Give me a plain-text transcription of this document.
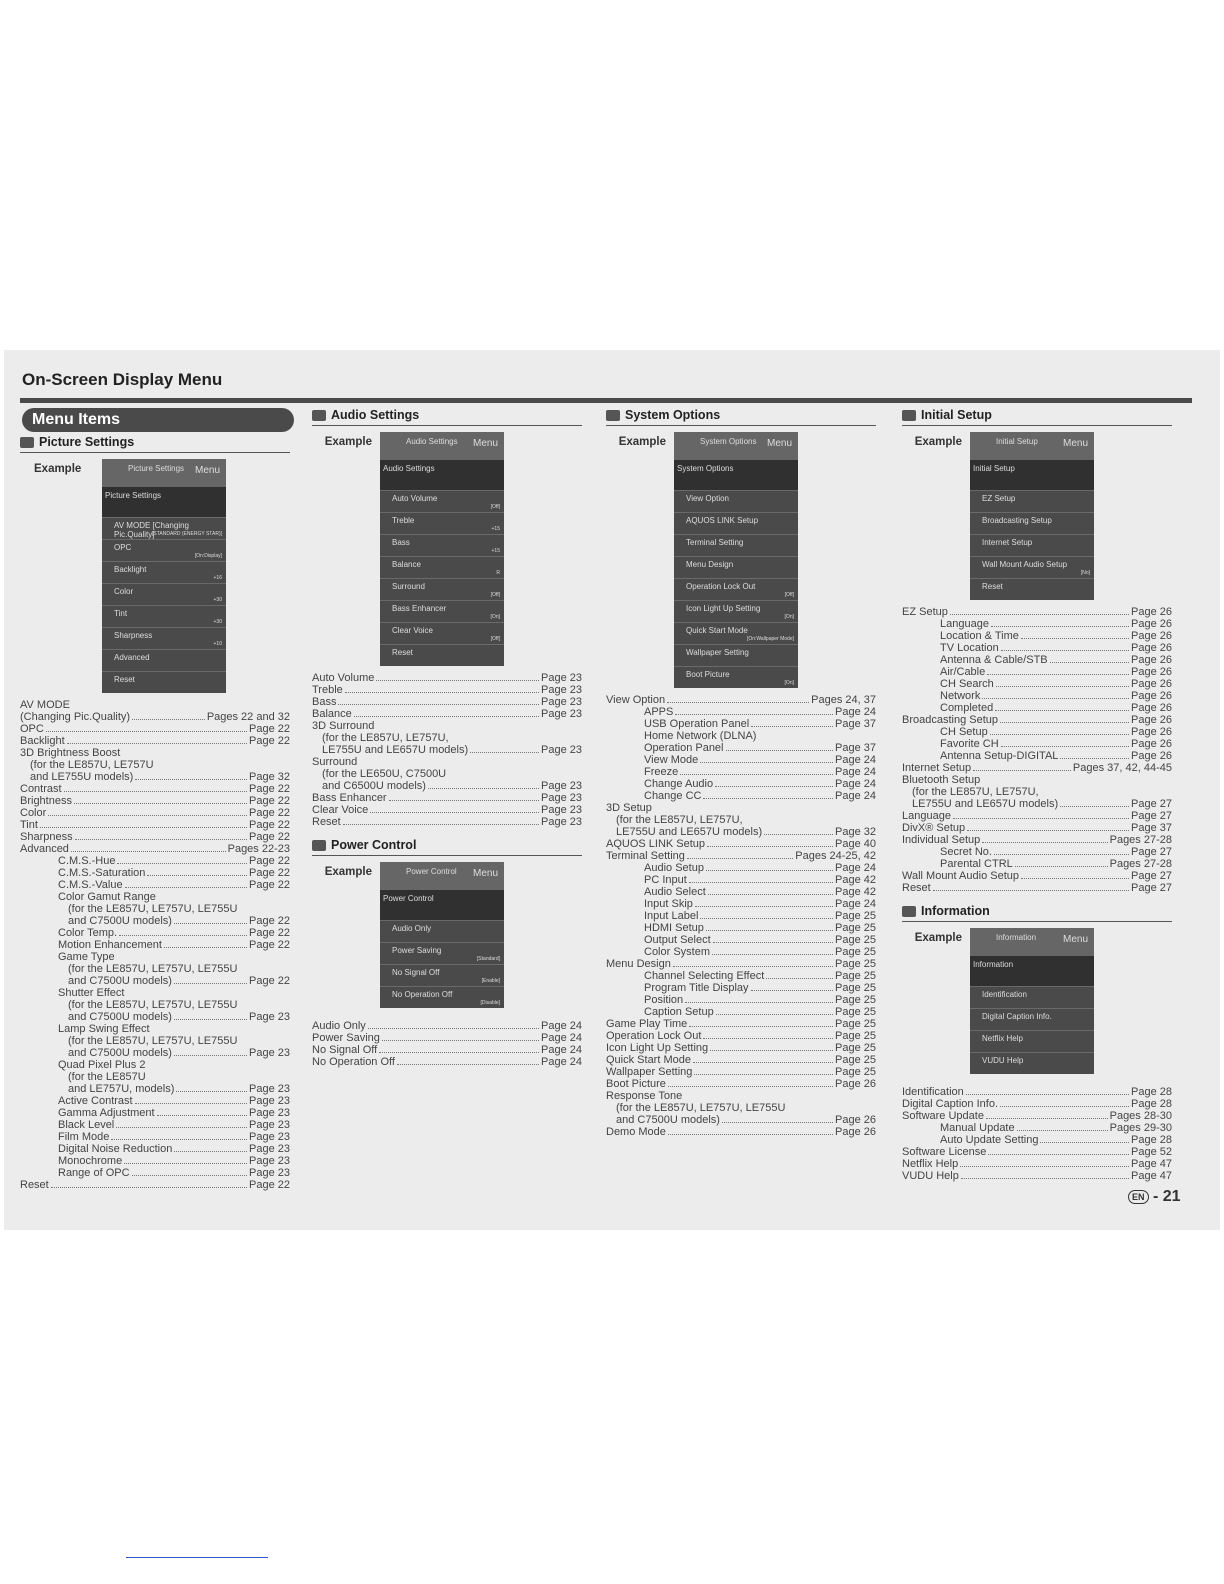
On-Screen Display Menu
Menu Items
Picture Settings
Example	Picture Settings Menu
Picture Settings
AV MODE [Changing Pic.Quality]
[STANDARD (ENERGY STAR)]
OPC
[On:Display]
Backlight
+16
Color
+30
Tint
+30
Sharpness
+10
Advanced
Reset
AV MODE
(Changing Pic.Quality)	Pages 22 and 32
OPC	Page 22
Backlight	Page 22
3D Brightness Boost
(for the LE857U, LE757U
and LE755U models)	Page 32
Contrast	Page 22
Brightness	Page 22
Color	Page 22
Tint	Page 22
Sharpness	Page 22
Advanced	Pages 22-23
C.M.S.-Hue	Page 22
C.M.S.-Saturation	Page 22
C.M.S.-Value	Page 22
Color Gamut Range
(for the LE857U, LE757U, LE755U
and C7500U models)	Page 22
Color Temp.	Page 22
Motion Enhancement	Page 22
Game Type
(for the LE857U, LE757U, LE755U
and C7500U models)	Page 22
Shutter Effect
(for the LE857U, LE757U, LE755U
and C7500U models)	Page 23
Lamp Swing Effect
(for the LE857U, LE757U, LE755U
and C7500U models)	Page 23
Quad Pixel Plus 2
(for the LE857U
and LE757U, models)	Page 23
Active Contrast	Page 23
Gamma Adjustment	Page 23
Black Level	Page 23
Film Mode	Page 23
Digital Noise Reduction	Page 23
Monochrome	Page 23
Range of OPC	Page 23
Reset	Page 22
Audio Settings
Example	Audio Settings Menu
Audio Settings
Auto Volume
[Off]
Treble
+15
Bass
+15
Balance
R
Surround
[Off]
Bass Enhancer
[On]
Clear Voice
[Off]
Reset
Auto Volume	Page 23
Treble	Page 23
Bass	Page 23
Balance	Page 23
3D Surround
(for the LE857U, LE757U,
LE755U and LE657U models)	Page 23
Surround
(for the LE650U, C7500U
and C6500U models)	Page 23
Bass Enhancer	Page 23
Clear Voice	Page 23
Reset	Page 23
Power Control
Example	Power Control Menu
Power Control
Audio Only
Power Saving
[Standard]
No Signal Off
[Enable]
No Operation Off
[Disable]
Audio Only	Page 24
Power Saving	Page 24
No Signal Off	Page 24
No Operation Off	Page 24
System Options
Example	System Options Menu
System Options
View Option
AQUOS LINK Setup
Terminal Setting
Menu Design
Operation Lock Out
[Off]
Icon Light Up Setting
[On]
Quick Start Mode
[On:Wallpaper Mode]
Wallpaper Setting
Boot Picture
[On]
View Option	Pages 24, 37
APPS	Page 24
USB Operation Panel	Page 37
Home Network (DLNA)
Operation Panel	Page 37
View Mode	Page 24
Freeze	Page 24
Change Audio	Page 24
Change CC	Page 24
3D Setup
(for the LE857U, LE757U,
LE755U and LE657U models)	Page 32
AQUOS LINK Setup	Page 40
Terminal Setting	Pages 24-25, 42
Audio Setup	Page 24
PC Input	Page 42
Audio Select	Page 42
Input Skip	Page 24
Input Label	Page 25
HDMI Setup	Page 25
Output Select	Page 25
Color System	Page 25
Menu Design	Page 25
Channel Selecting Effect	Page 25
Program Title Display	Page 25
Position	Page 25
Caption Setup	Page 25
Game Play Time	Page 25
Operation Lock Out	Page 25
Icon Light Up Setting	Page 25
Quick Start Mode	Page 25
Wallpaper Setting	Page 25
Boot Picture	Page 26
Response Tone
(for the LE857U, LE757U, LE755U
and C7500U models)	Page 26
Demo Mode	Page 26
Initial Setup
Example	Initial Setup	Menu
Initial Setup
EZ Setup
Broadcasting Setup
Internet Setup
Wall Mount Audio Setup
[No]
Reset
EZ Setup	Page 26
Language	Page 26
Location & Time	Page 26
TV Location	Page 26
Antenna & Cable/STB	Page 26
Air/Cable	Page 26
CH Search	Page 26
Network	Page 26
Completed	Page 26
Broadcasting Setup	Page 26
CH Setup	Page 26
Favorite CH	Page 26
Antenna Setup-DIGITAL	Page 26
Internet Setup	Pages 37, 42, 44-45
Bluetooth Setup
(for the LE857U, LE757U,
LE755U and LE657U models)	Page 27
Language	Page 27
DivX® Setup	Page 37
Individual Setup	Pages 27-28
Secret No.	Page 27
Parental CTRL	Pages 27-28
Wall Mount Audio Setup	Page 27
Reset	Page 27
Information
Example	Information	Menu
Information
Identification
Digital Caption Info.
Netflix Help
VUDU Help
Identification	Page 28
Digital Caption Info.	Page 28
Software Update	Pages 28-30
Manual Update	Pages 29-30
Auto Update Setting	Page 28
Software License	Page 52
Netflix Help	Page 47
VUDU Help	Page 47
EN - 21
